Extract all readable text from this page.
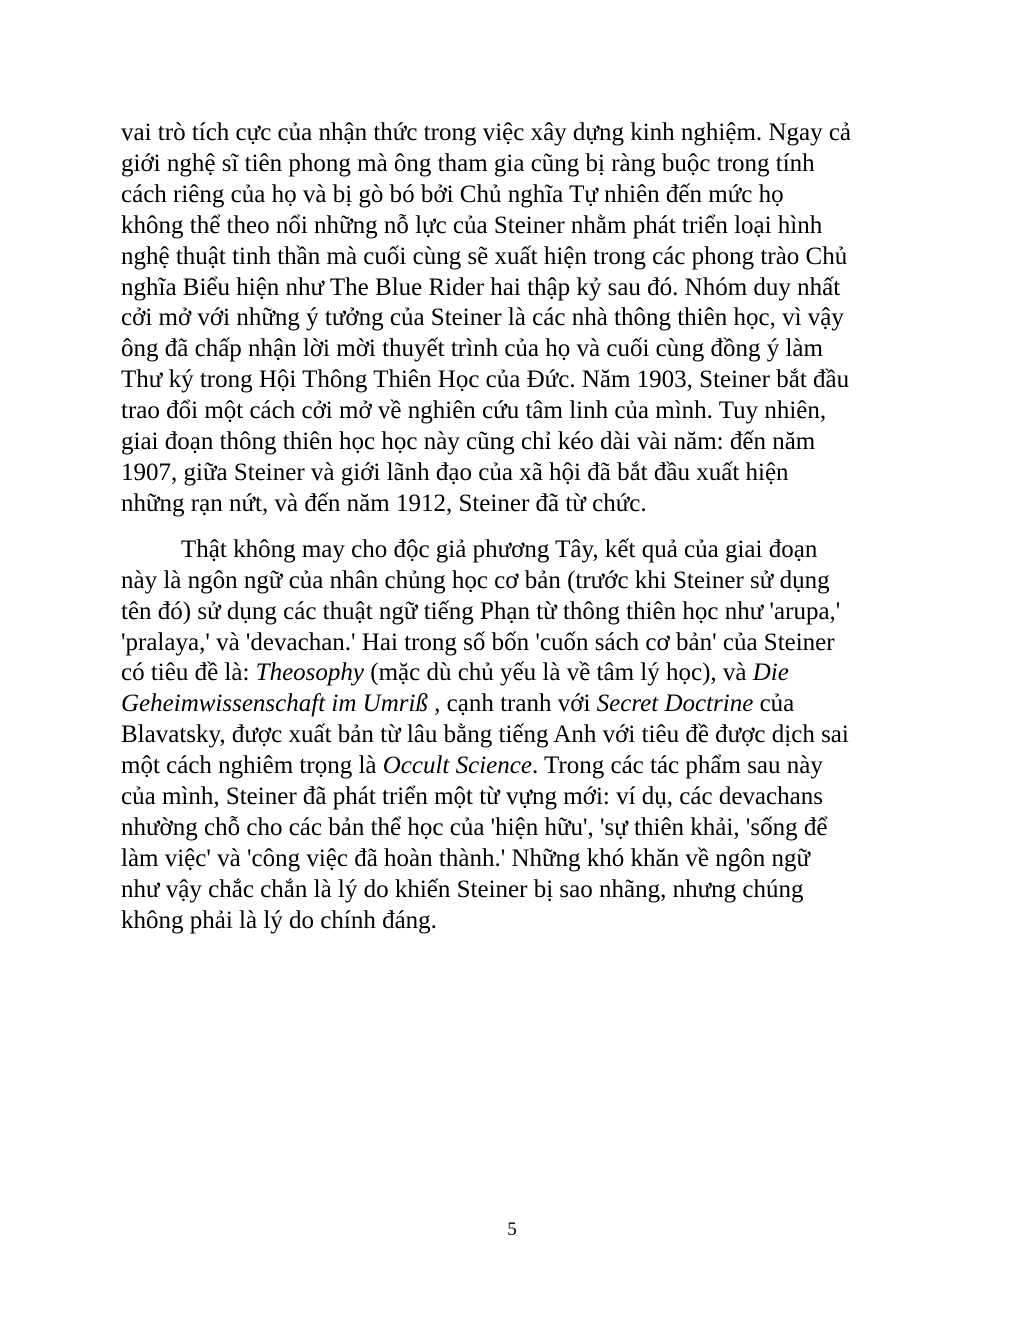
vai trò tích cực của nhận thức trong việc xây dựng kinh nghiệm. Ngay cả
giới nghệ sĩ tiên phong mà ông tham gia cũng bị ràng buộc trong tính
cách riêng của họ và bị gò bó bởi Chủ nghĩa Tự nhiên đến mức họ
không thể theo nổi những nỗ lực của Steiner nhằm phát triển loại hình
nghệ thuật tinh thần mà cuối cùng sẽ xuất hiện trong các phong trào Chủ
nghĩa Biểu hiện như The Blue Rider hai thập kỷ sau đó. Nhóm duy nhất
cởi mở với những ý tưởng của Steiner là các nhà thông thiên học, vì vậy
ông đã chấp nhận lời mời thuyết trình của họ và cuối cùng đồng ý làm
Thư ký trong Hội Thông Thiên Học của Đức. Năm 1903, Steiner bắt đầu
trao đổi một cách cởi mở về nghiên cứu tâm linh của mình. Tuy nhiên,
giai đoạn thông thiên học học này cũng chỉ kéo dài vài năm: đến năm
1907, giữa Steiner và giới lãnh đạo của xã hội đã bắt đầu xuất hiện
những rạn nứt, và đến năm 1912, Steiner đã từ chức.

Thật không may cho độc giả phương Tây, kết quả của giai đoạn
này là ngôn ngữ của nhân chủng học cơ bản (trước khi Steiner sử dụng
tên đó) sử dụng các thuật ngữ tiếng Phạn từ thông thiên học như 'arupa,'
'pralaya,' và 'devachan.' Hai trong số bốn 'cuốn sách cơ bản' của Steiner
có tiêu đề là: Theosophy (mặc dù chủ yếu là về tâm lý học), và Die
Geheimwissenschaft im Umriß , cạnh tranh với Secret Doctrine của
Blavatsky, được xuất bản từ lâu bằng tiếng Anh với tiêu đề được dịch sai
một cách nghiêm trọng là Occult Science. Trong các tác phẩm sau này
của mình, Steiner đã phát triển một từ vựng mới: ví dụ, các devachans
nhường chỗ cho các bản thể học của 'hiện hữu', 'sự thiên khải, 'sống để
làm việc' và 'công việc đã hoàn thành.' Những khó khăn về ngôn ngữ
như vậy chắc chắn là lý do khiến Steiner bị sao nhãng, nhưng chúng
không phải là lý do chính đáng.

5
